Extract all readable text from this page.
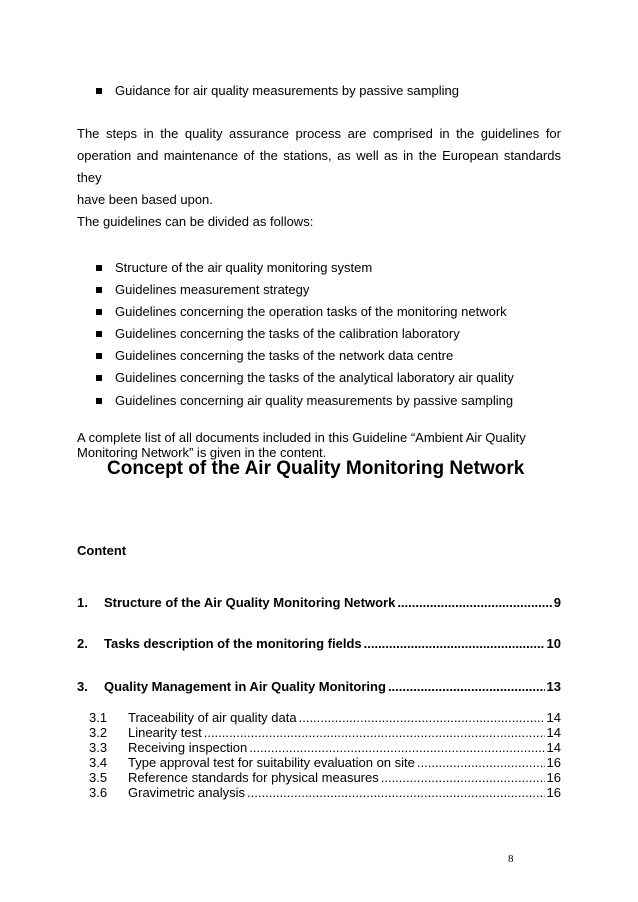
Guidance for air quality measurements by passive sampling
The steps in the quality assurance process are comprised in the guidelines for
operation and maintenance of the stations, as well as in the European standards they
have been based upon.
The guidelines can be divided as follows:
Structure of the air quality monitoring system
Guidelines measurement strategy
Guidelines concerning the operation tasks of the monitoring network
Guidelines concerning the tasks of the calibration laboratory
Guidelines concerning the tasks of the network data centre
Guidelines concerning the tasks of the analytical laboratory air quality
Guidelines concerning air quality measurements by passive sampling
A complete list of all documents included in this Guideline “Ambient Air Quality
Monitoring Network” is given in the content.
Concept of the Air Quality Monitoring Network
Content
1.	Structure of the Air Quality Monitoring Network .....	9
2.	Tasks description of the monitoring fields .....	10
3.	Quality Management in Air Quality Monitoring .....	13
3.1	Traceability of air quality data .....	14
3.2	Linearity test .....	14
3.3	Receiving inspection .....	14
3.4	Type approval test for suitability evaluation on site .....	16
3.5	Reference standards for physical measures .....	16
3.6	Gravimetric analysis .....	16
8
